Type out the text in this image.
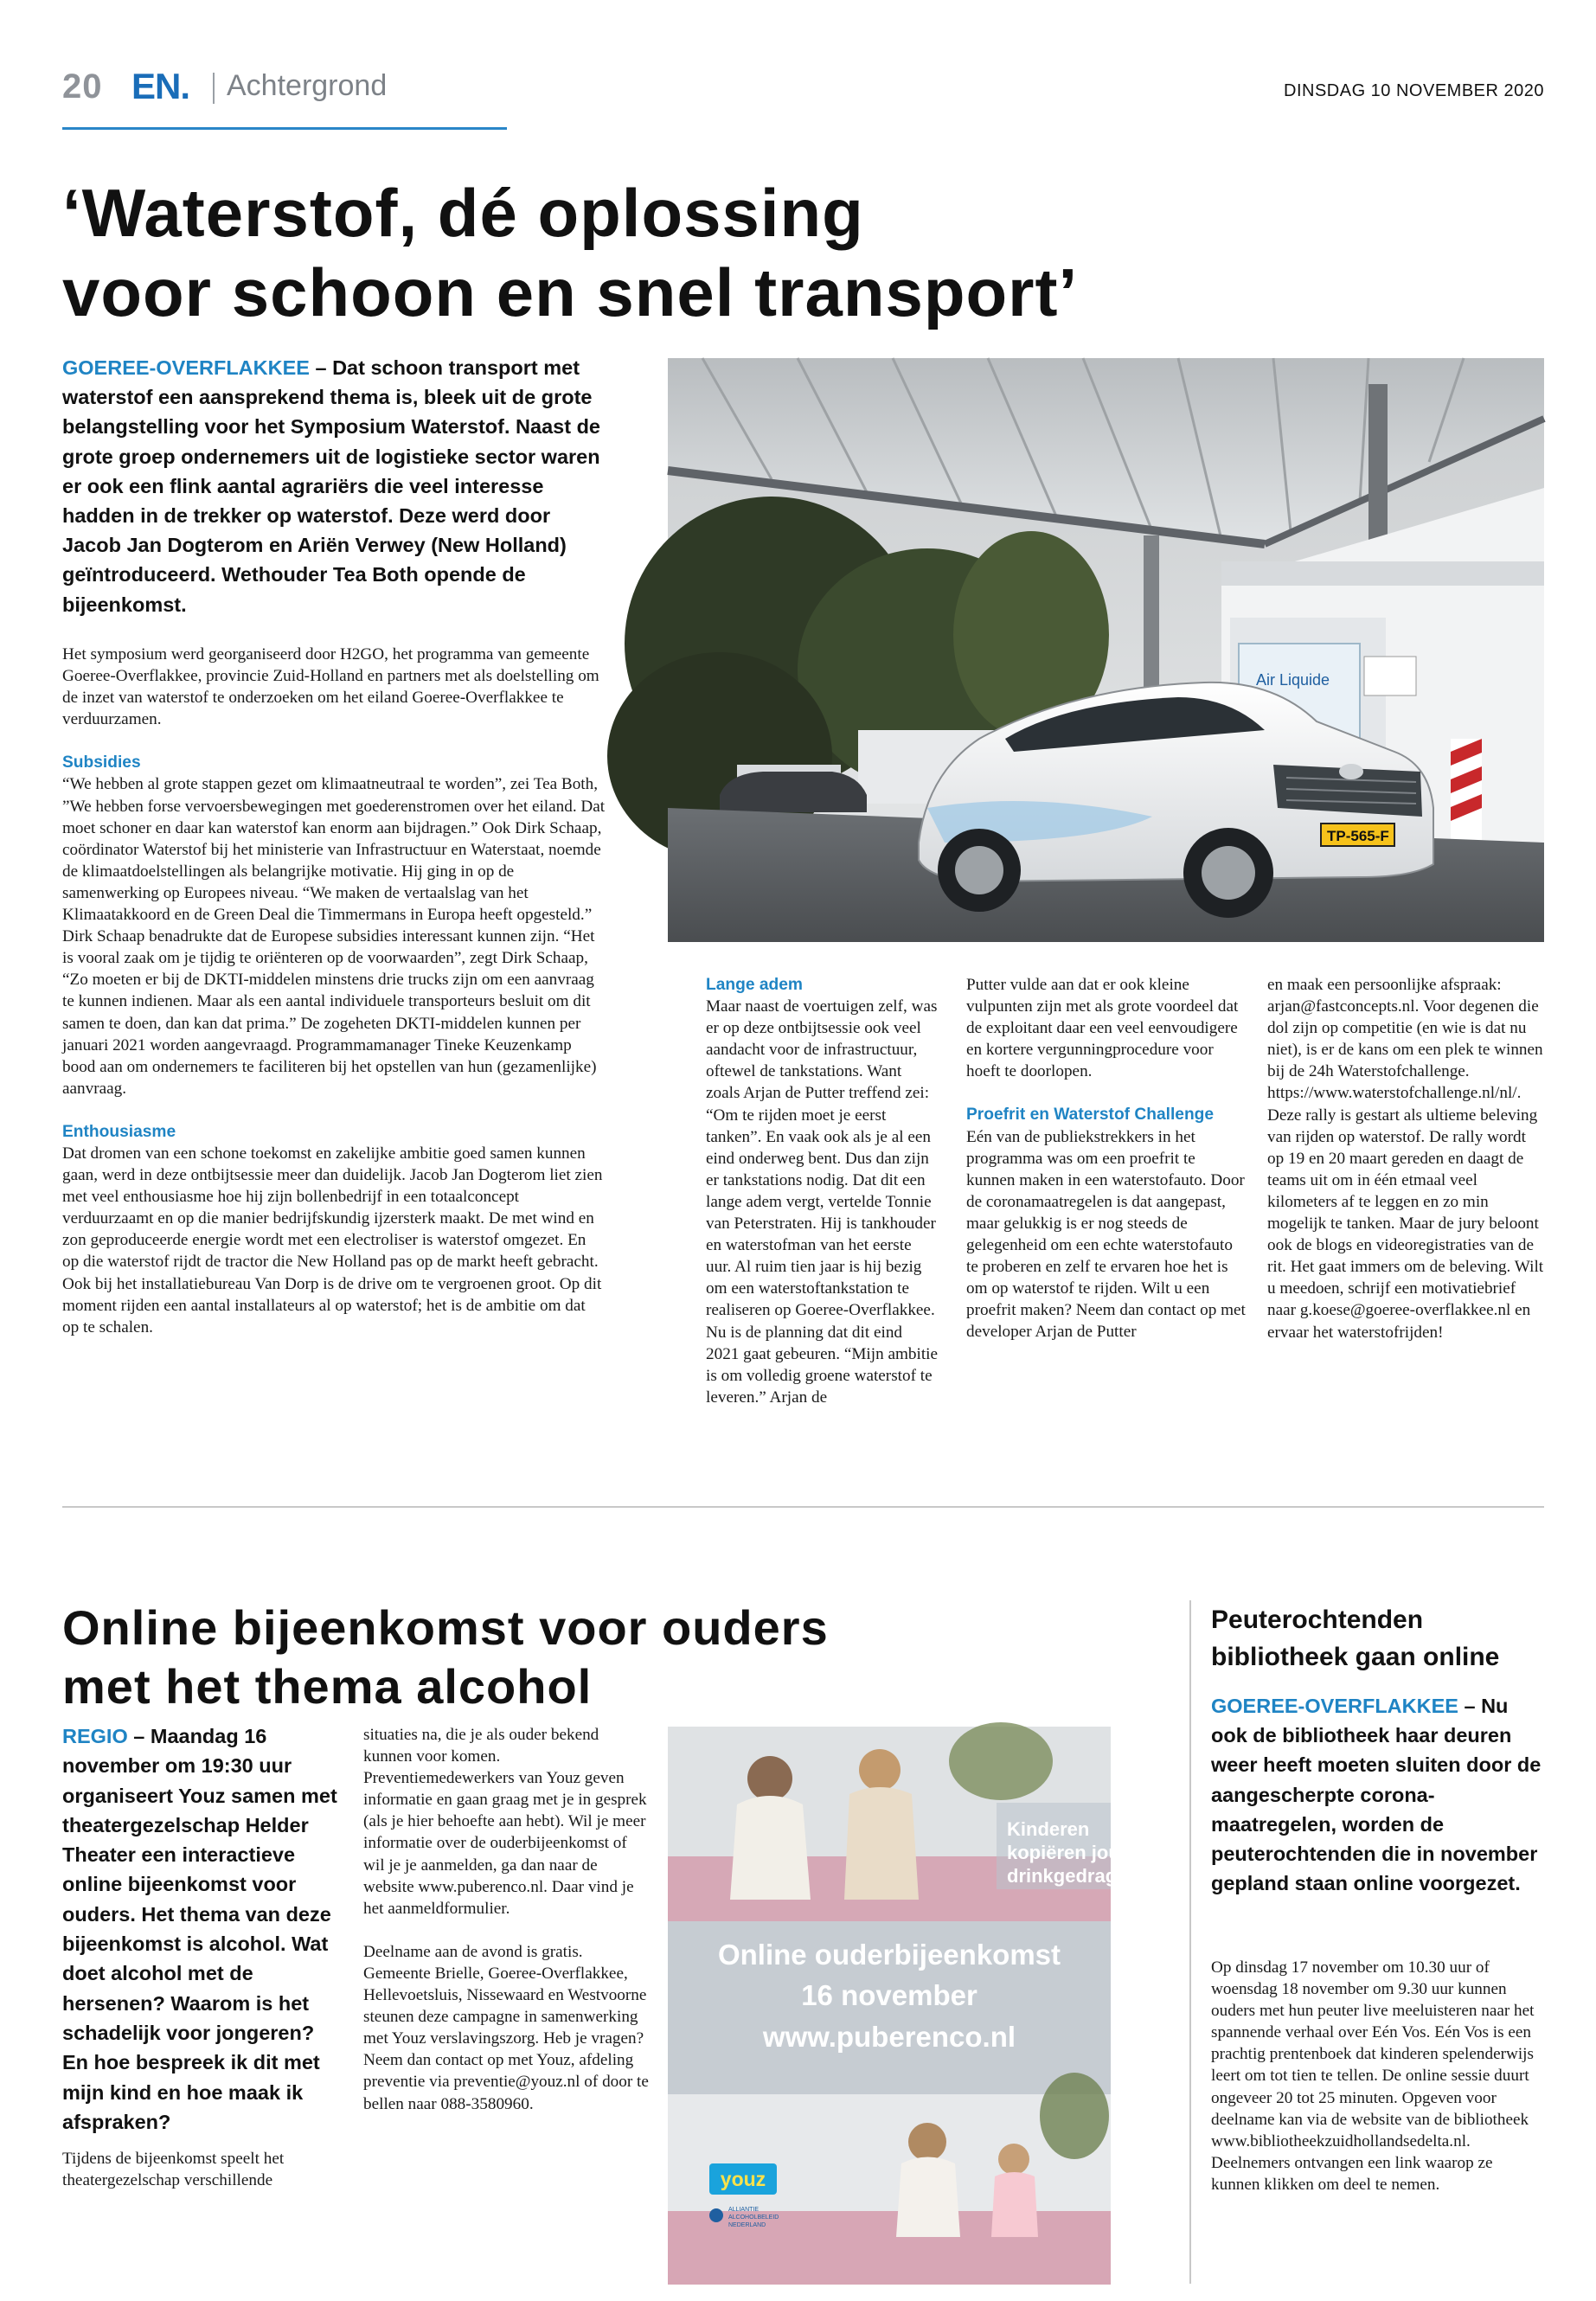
20 EN. Achtergrond	DINSDAG 10 NOVEMBER 2020
‘Waterstof, dé oplossing
voor schoon en snel transport’
GOEREE-OVERFLAKKEE – Dat schoon transport met waterstof een aansprekend thema is, bleek uit de grote belangstelling voor het Symposium Waterstof. Naast de grote groep ondernemers uit de logistieke sector waren er ook een flink aantal agrariërs die veel interesse hadden in de trekker op waterstof. Deze werd door Jacob Jan Dogterom en Ariën Verwey (New Holland) geïntroduceerd. Wethouder Tea Both opende de bijeenkomst.

Het symposium werd georganiseerd door H2GO, het programma van gemeente Goeree-Overflakkee, provincie Zuid-Holland en partners met als doelstelling om de inzet van waterstof te onderzoeken om het eiland Goeree-Overflakkee te verduurzamen.

Subsidies

“We hebben al grote stappen gezet om klimaatneutraal te worden”, zei Tea Both, ”We hebben forse vervoersbewegingen met goederenstromen over het eiland. Dat moet schoner en daar kan waterstof kan enorm aan bijdragen.” Ook Dirk Schaap, coördinator Waterstof bij het ministerie van Infrastructuur en Waterstaat, noemde de klimaatdoelstellingen als belangrijke motivatie. Hij ging in op de samenwerking op Europees niveau. “We maken de vertaalslag van het Klimaatakkoord en de Green Deal die Timmermans in Europa heeft opgesteld.” Dirk Schaap benadrukte dat de Europese subsidies interessant kunnen zijn. “Het is vooral zaak om je tijdig te oriënteren op de voorwaarden”, zegt Dirk Schaap, “Zo moeten er bij de DKTI-middelen minstens drie trucks zijn om een aanvraag te kunnen indienen. Maar als een aantal individuele transporteurs besluit om dit samen te doen, dan kan dat prima.” De zogeheten DKTI-middelen kunnen per januari 2021 worden aangevraagd. Programmamanager Tineke Keuzenkamp bood aan om ondernemers te faciliteren bij het opstellen van hun (gezamenlijke) aanvraag.

Enthousiasme

Dat dromen van een schone toekomst en zakelijke ambitie goed samen kunnen gaan, werd in deze ontbijtsessie meer dan duidelijk. Jacob Jan Dogterom liet zien met veel enthousiasme hoe hij zijn bollenbedrijf in een totaalconcept verduurzaamt en op die manier bedrijfskundig ijzersterk maakt. De met wind en zon geproduceerde energie wordt met een electroliser is waterstof omgezet. En op die waterstof rijdt de tractor die New Holland pas op de markt heeft gebracht. Ook bij het installatiebureau Van Dorp is de drive om te vergroenen groot. Op dit moment rijden een aantal installateurs al op waterstof; het is de ambitie om dat op te schalen.

Air Liquide
TP-565-F

Lange adem

Maar naast de voertuigen zelf, was er op deze ontbijtsessie ook veel aandacht voor de infrastructuur, oftewel de tankstations. Want zoals Arjan de Putter treffend zei: “Om te rijden moet je eerst tanken”. En vaak ook als je al een eind onderweg bent. Dus dan zijn er tankstations nodig. Dat dit een lange adem vergt, vertelde Tonnie van Peterstraten. Hij is tankhouder en waterstofman van het eerste uur. Al ruim tien jaar is hij bezig om een waterstoftankstation te realiseren op Goeree-Overflakkee. Nu is de planning dat dit eind 2021 gaat gebeuren. “Mijn ambitie is om volledig groene waterstof te leveren.” Arjan de

Putter vulde aan dat er ook kleine vulpunten zijn met als grote voordeel dat de exploitant daar een veel eenvoudigere en kortere vergunningprocedure voor hoeft te doorlopen.

Proefrit en Waterstof Challenge

Eén van de publiekstrekkers in het programma was om een proefrit te kunnen maken in een waterstofauto. Door de coronamaatregelen is dat aangepast, maar gelukkig is er nog steeds de gelegenheid om een echte waterstofauto te proberen en zelf te ervaren hoe het is om op waterstof te rijden. Wilt u een proefrit maken? Neem dan contact op met developer Arjan de Putter

en maak een persoonlijke afspraak: arjan@fastconcepts.nl. Voor degenen die dol zijn op competitie (en wie is dat nu niet), is er de kans om een plek te winnen bij de 24h Waterstofchallenge. https://www.waterstofchallenge.nl/nl/. Deze rally is gestart als ultieme beleving van rijden op waterstof. De rally wordt op 19 en 20 maart gereden en daagt de teams uit om in één etmaal veel kilometers af te leggen en zo min mogelijk te tanken. Maar de jury beloont ook de blogs en videoregistraties van de rit. Het gaat immers om de beleving. Wilt u meedoen, schrijf een motivatiebrief naar g.koese@goeree-overflakkee.nl en ervaar het waterstofrijden!

Online bijeenkomst voor ouders
met het thema alcohol
REGIO – Maandag 16 november om 19:30 uur organiseert Youz samen met theatergezelschap Helder Theater een interactieve online bijeenkomst voor ouders. Het thema van deze bijeenkomst is alcohol. Wat doet alcohol met de hersenen? Waarom is het schadelijk voor jongeren? En hoe bespreek ik dit met mijn kind en hoe maak ik afspraken?
Tijdens de bijeenkomst speelt het theatergezelschap verschillende

situaties na, die je als ouder bekend kunnen voor komen. Preventiemedewerkers van Youz geven informatie en gaan graag met je in gesprek (als je hier behoefte aan hebt). Wil je meer informatie over de ouderbijeenkomst of wil je je aanmelden, ga dan naar de website www.puberenco.nl. Daar vind je het aanmeldformulier.

Deelname aan de avond is gratis. Gemeente Brielle, Goeree-Overflakkee, Hellevoetsluis, Nissewaard en Westvoorne steunen deze campagne in samenwerking met Youz verslavingszorg. Heb je vragen? Neem dan contact op met Youz, afdeling preventie via preventie@youz.nl of door te bellen naar 088-3580960.

Kinderen
kopiëren jouw
drinkgedrag
Online ouderbijeenkomst
16 november
www.puberenco.nl
youz
ALLIANTIE
ALCOHOLBELEID
NEDERLAND
Peuterochtenden bibliotheek gaan online
GOEREE-OVERFLAKKEE – Nu ook de bibliotheek haar deuren weer heeft moeten sluiten door de aangescherpte corona-maatregelen, worden de peuterochtenden die in november gepland staan online voorgezet.
Op dinsdag 17 november om 10.30 uur of woensdag 18 november om 9.30 uur kunnen ouders met hun peuter live meeluisteren naar het spannende verhaal over Eén Vos. Eén Vos is een prachtig prentenboek dat kinderen spelenderwijs leert om tot tien te tellen. De online sessie duurt ongeveer 20 tot 25 minuten. Opgeven voor deelname kan via de website van de bibliotheek www.bibliotheekzuidhollandsedelta.nl. Deelnemers ontvangen een link waarop ze kunnen klikken om deel te nemen.
